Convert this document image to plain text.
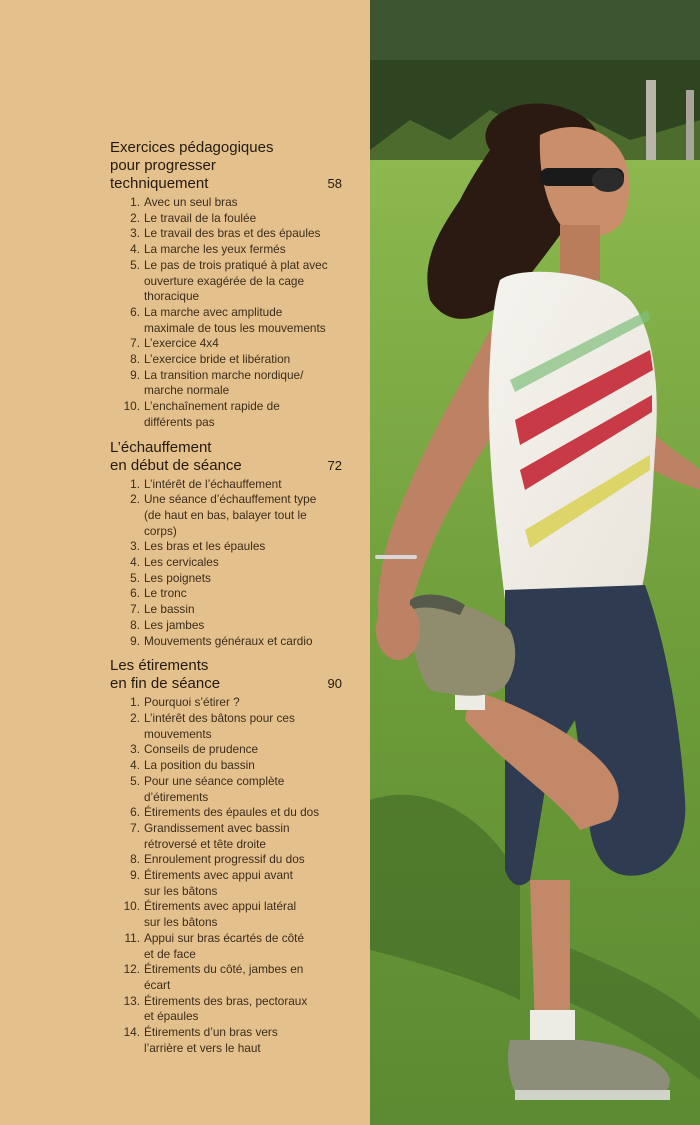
Exercices pédagogiques
pour progresser
techniquement	58
1. Avec un seul bras
2. Le travail de la foulée
3. Le travail des bras et des épaules
4. La marche les yeux fermés
5. Le pas de trois pratiqué à plat avec
ouverture exagérée de la cage
thoracique
6. La marche avec amplitude
maximale de tous les mouvements
7. L’exercice 4x4
8. L’exercice bride et libération
9. La transition marche nordique/
marche normale
10. L’enchaînement rapide de
différents pas
L’échauffement
en début de séance	72
1. L’intérêt de l’échauffement
2. Une séance d’échauffement type
(de haut en bas, balayer tout le
corps)
3. Les bras et les épaules
4. Les cervicales
5. Les poignets
6. Le tronc
7. Le bassin
8. Les jambes
9. Mouvements généraux et cardio
Les étirements
en fin de séance	90
1. Pourquoi s’étirer ?
2. L’intérêt des bâtons pour ces
mouvements
3. Conseils de prudence
4. La position du bassin
5. Pour une séance complète
d’étirements
6. Étirements des épaules et du dos
7. Grandissement avec bassin
rétroversé et tête droite
8. Enroulement progressif du dos
9. Étirements avec appui avant
sur les bâtons
10. Étirements avec appui latéral
sur les bâtons
11. Appui sur bras écartés de côté
et de face
12. Étirements du côté, jambes en
écart
13. Étirements des bras, pectoraux
et épaules
14. Étirements d’un bras vers
l’arrière et vers le haut
